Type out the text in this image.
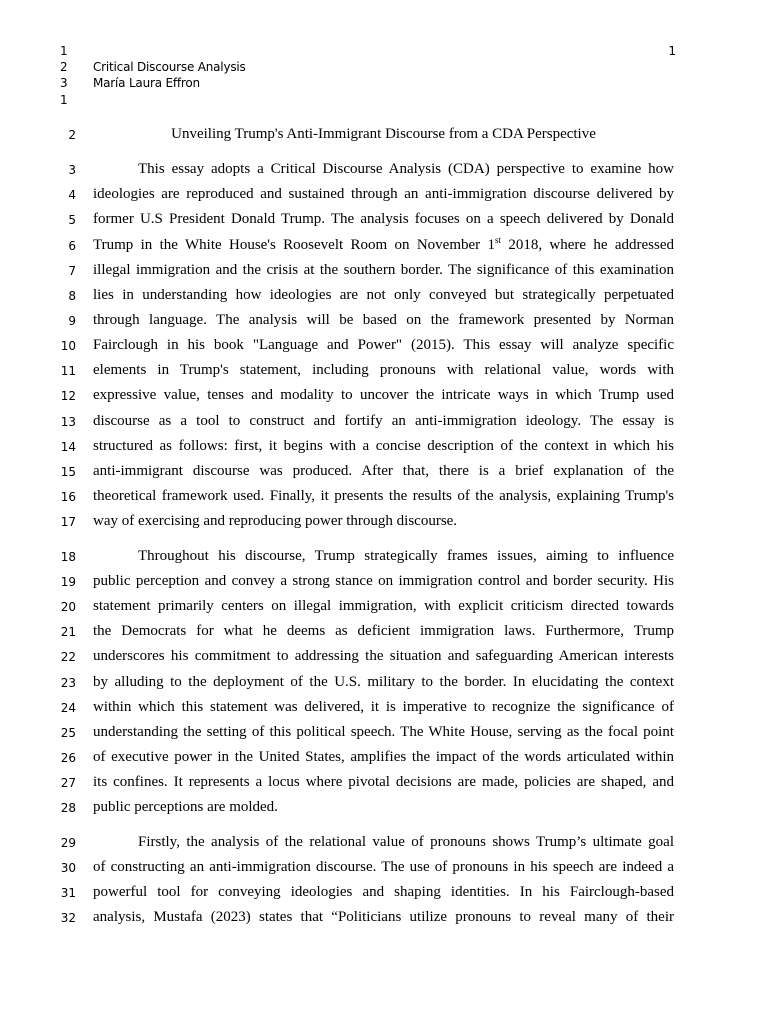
1
1
2	Critical Discourse Analysis
3	María Laura Effron
1
2	Unveiling Trump's Anti-Immigrant Discourse from a CDA Perspective
3	This essay adopts a Critical Discourse Analysis (CDA) perspective to examine how
4 ideologies are reproduced and sustained through an anti-immigration discourse delivered by
5 former U.S President Donald Trump. The analysis focuses on a speech delivered by Donald
6 Trump in the White House's Roosevelt Room on November 1st 2018, where he addressed
7 illegal immigration and the crisis at the southern border. The significance of this examination
8 lies in understanding how ideologies are not only conveyed but strategically perpetuated
9 through language. The analysis will be based on the framework presented by Norman
10 Fairclough in his book "Language and Power" (2015). This essay will analyze specific
11 elements in Trump's statement, including pronouns with relational value, words with
12 expressive value, tenses and modality to uncover the intricate ways in which Trump used
13 discourse as a tool to construct and fortify an anti-immigration ideology. The essay is
14 structured as follows: first, it begins with a concise description of the context in which his
15 anti-immigrant discourse was produced. After that, there is a brief explanation of the
16 theoretical framework used. Finally, it presents the results of the analysis, explaining Trump's
17 way of exercising and reproducing power through discourse.
18	Throughout his discourse, Trump strategically frames issues, aiming to influence
19 public perception and convey a strong stance on immigration control and border security. His
20 statement primarily centers on illegal immigration, with explicit criticism directed towards
21 the Democrats for what he deems as deficient immigration laws. Furthermore, Trump
22 underscores his commitment to addressing the situation and safeguarding American interests
23 by alluding to the deployment of the U.S. military to the border. In elucidating the context
24 within which this statement was delivered, it is imperative to recognize the significance of
25 understanding the setting of this political speech. The White House, serving as the focal point
26 of executive power in the United States, amplifies the impact of the words articulated within
27 its confines. It represents a locus where pivotal decisions are made, policies are shaped, and
28 public perceptions are molded.
29	Firstly, the analysis of the relational value of pronouns shows Trump’s ultimate goal
30 of constructing an anti-immigration discourse. The use of pronouns in his speech are indeed a
31 powerful tool for conveying ideologies and shaping identities. In his Fairclough-based
32 analysis, Mustafa (2023) states that “Politicians utilize pronouns to reveal many of their
